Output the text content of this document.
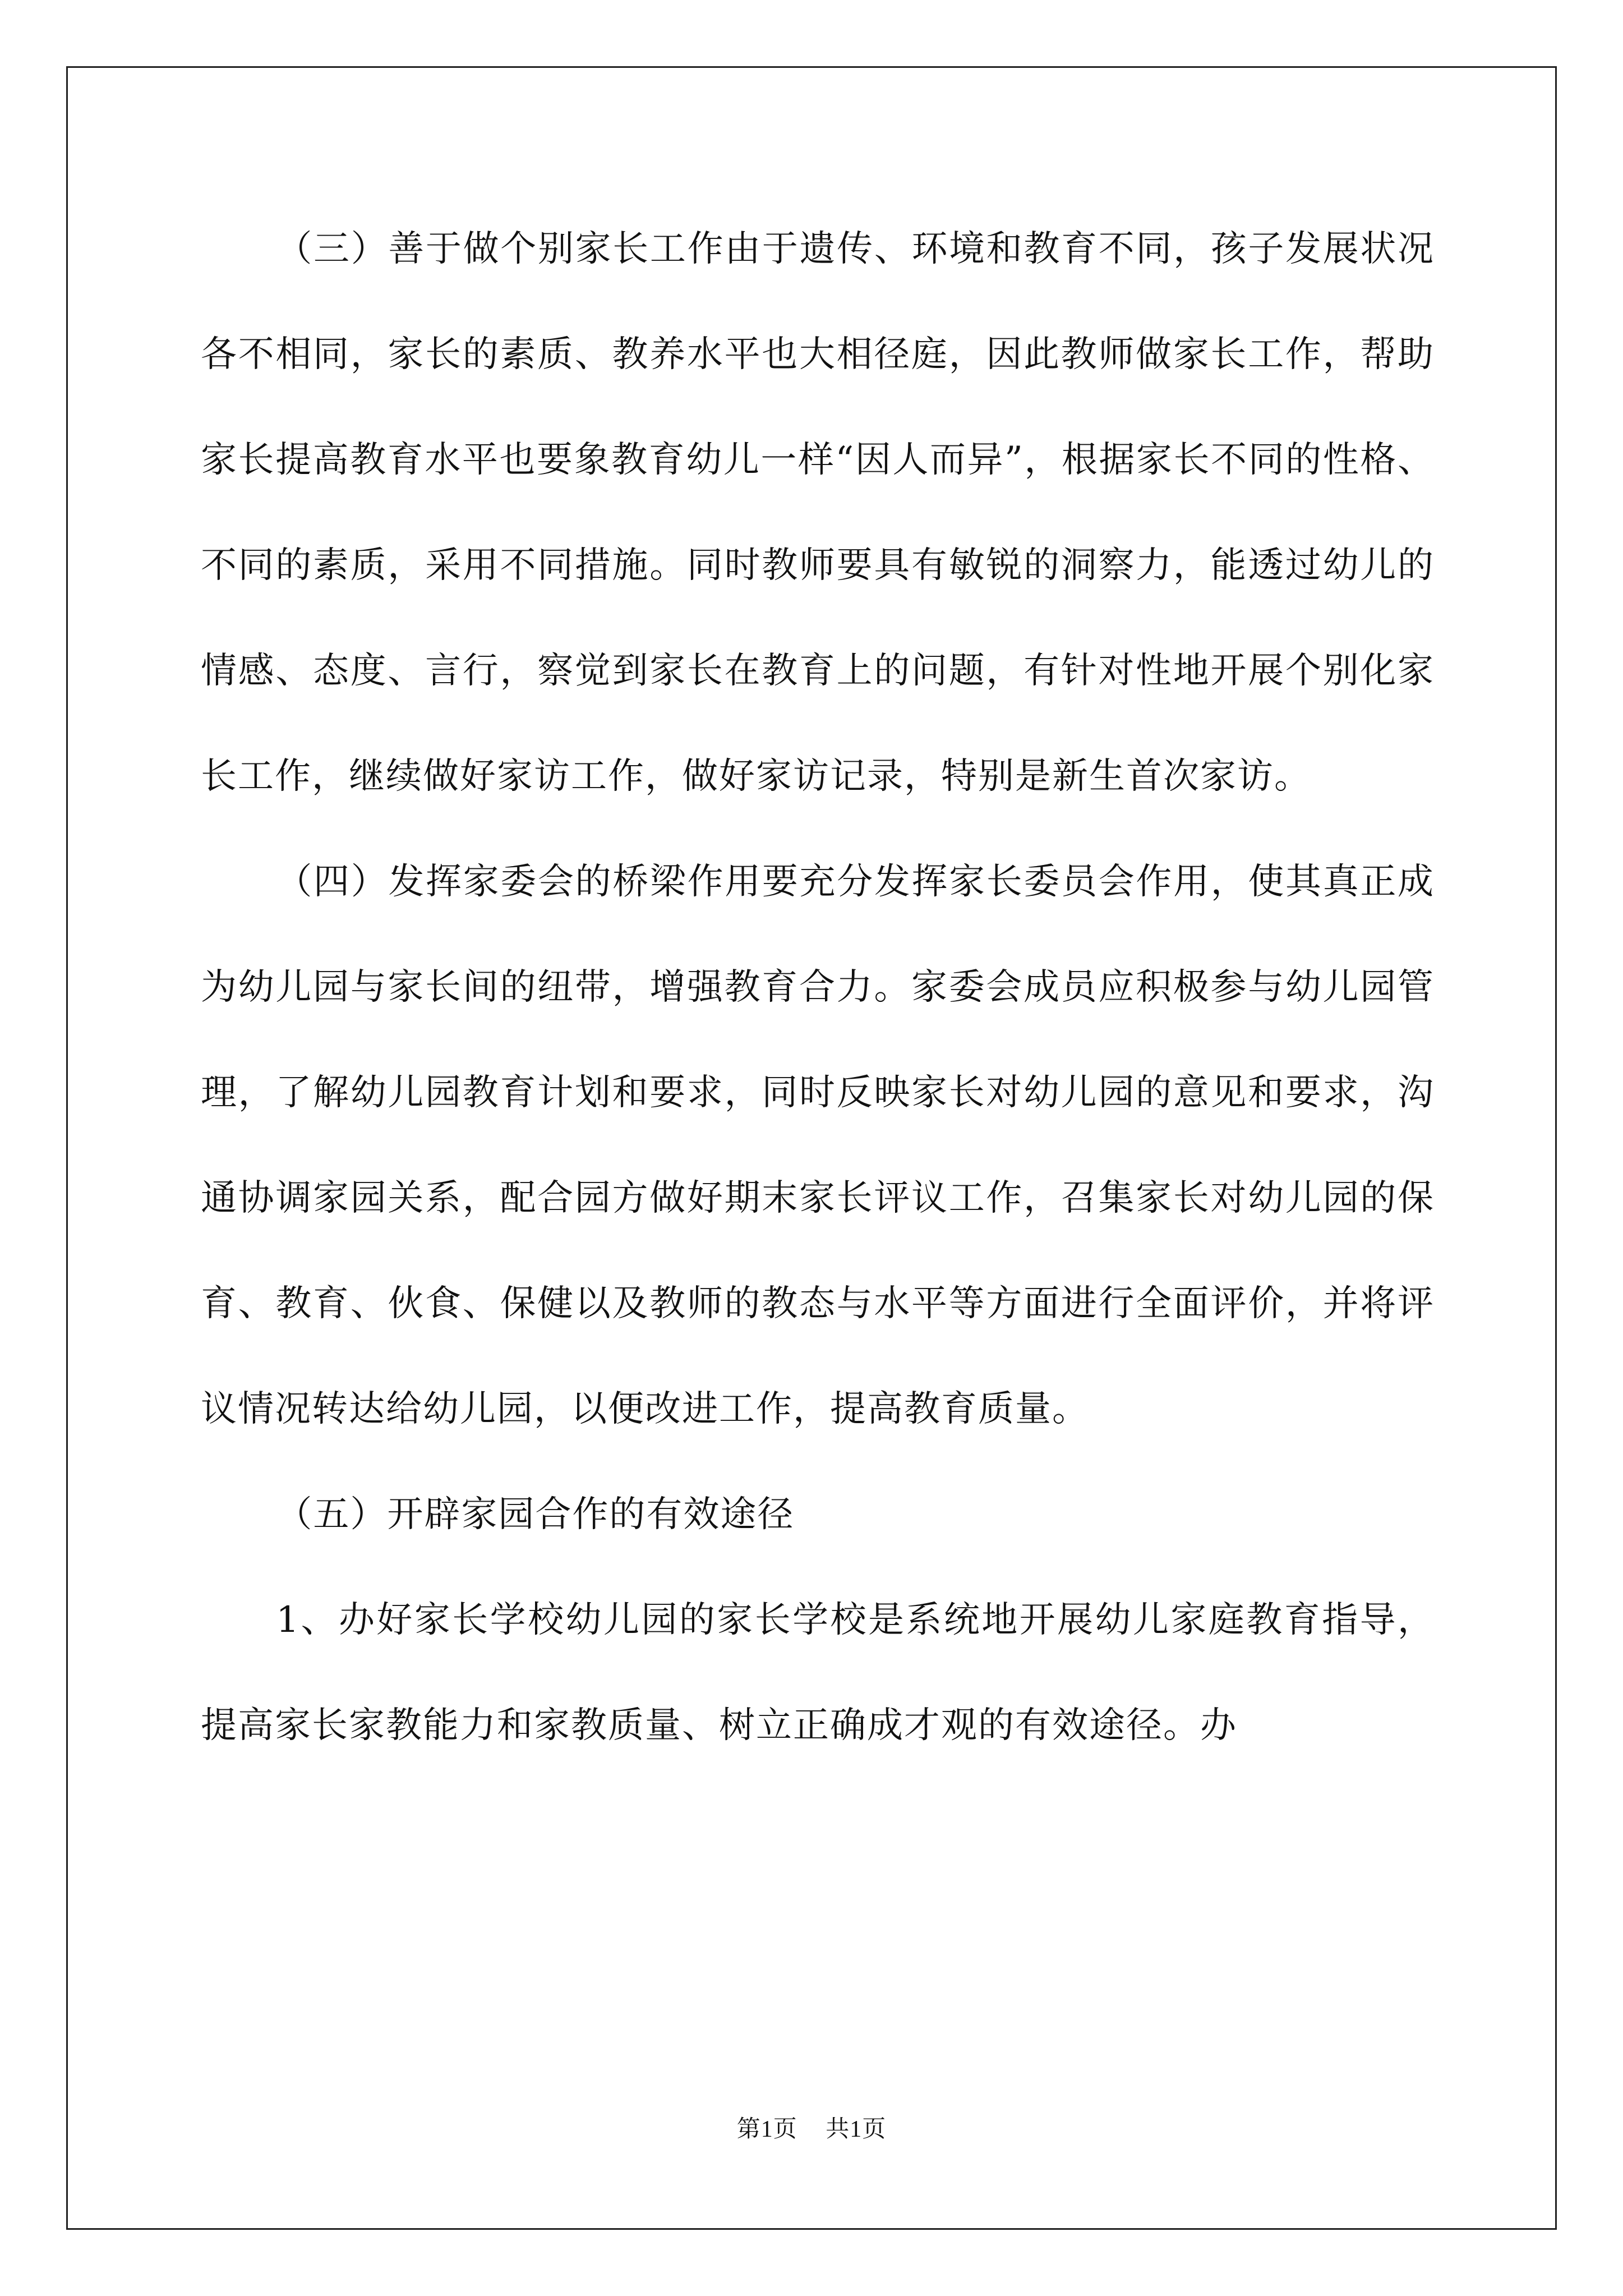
（三）善于做个别家长工作由于遗传、环境和教育不同，孩子发展状况各不相同，家长的素质、教养水平也大相径庭，因此教师做家长工作，帮助家长提高教育水平也要象教育幼儿一样“因人而异”，根据家长不同的性格、不同的素质，采用不同措施。同时教师要具有敏锐的洞察力，能透过幼儿的情感、态度、言行，察觉到家长在教育上的问题，有针对性地开展个别化家长工作，继续做好家访工作，做好家访记录，特别是新生首次家访。

（四）发挥家委会的桥梁作用要充分发挥家长委员会作用，使其真正成为幼儿园与家长间的纽带，增强教育合力。家委会成员应积极参与幼儿园管理，了解幼儿园教育计划和要求，同时反映家长对幼儿园的意见和要求，沟通协调家园关系，配合园方做好期末家长评议工作，召集家长对幼儿园的保育、教育、伙食、保健以及教师的教态与水平等方面进行全面评价，并将评议情况转达给幼儿园，以便改进工作，提高教育质量。

（五）开辟家园合作的有效途径

1、办好家长学校幼儿园的家长学校是系统地开展幼儿家庭教育指导，提高家长家教能力和家教质量、树立正确成才观的有效途径。办

第1页 共1页
